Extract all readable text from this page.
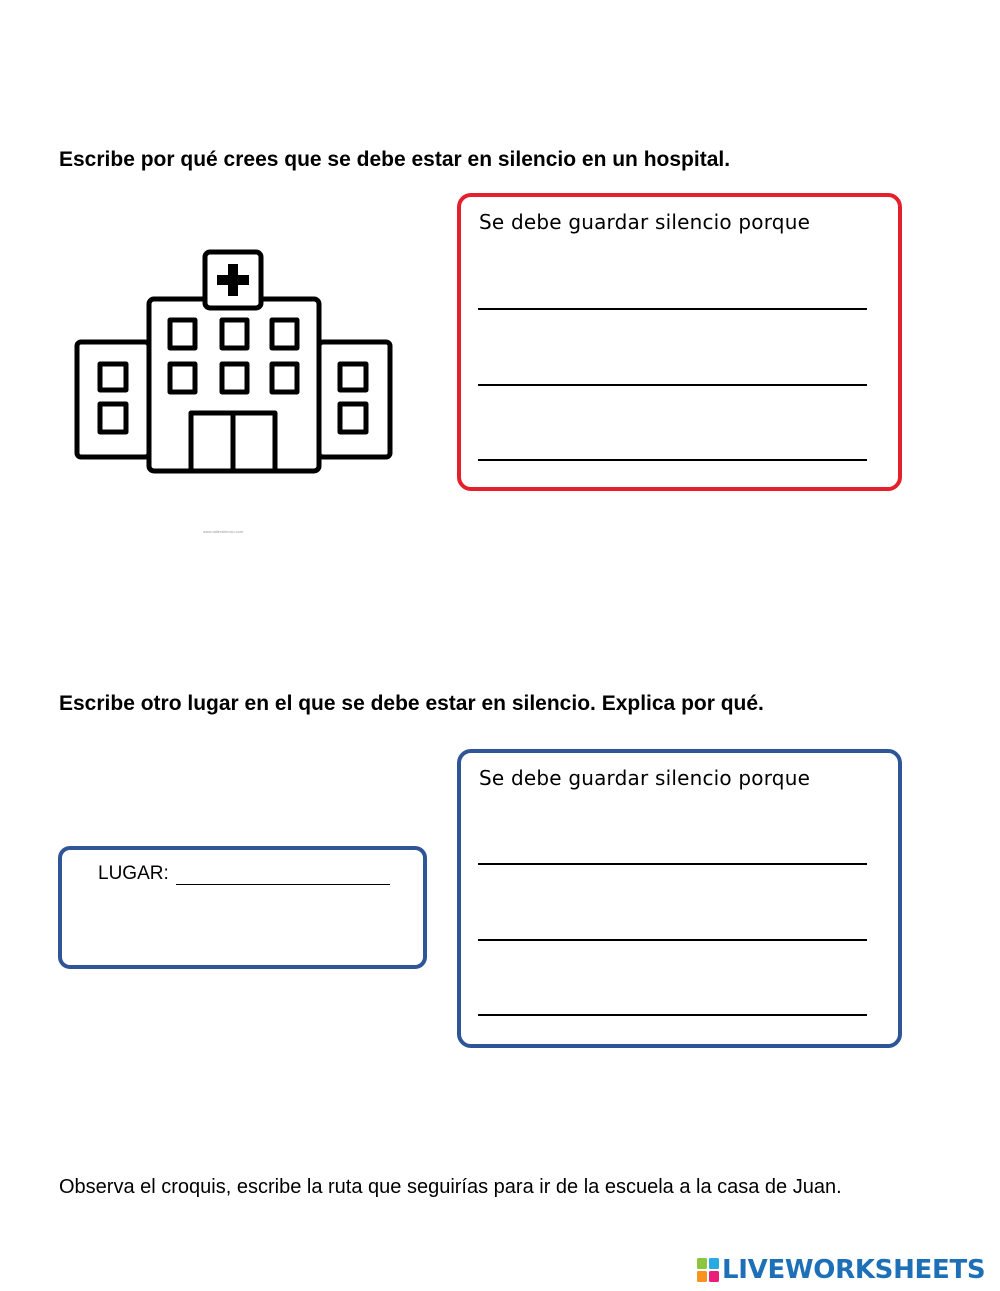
Escribe por qué crees que se debe estar en silencio en un hospital.
www.tallersilencio.com
Se debe guardar silencio porque
Escribe otro lugar en el que se debe estar en silencio. Explica por qué.
LUGAR:
Se debe guardar silencio porque
Observa el croquis, escribe la ruta que seguirías para ir de la escuela a la casa de Juan.
LIVEWORKSHEETS
